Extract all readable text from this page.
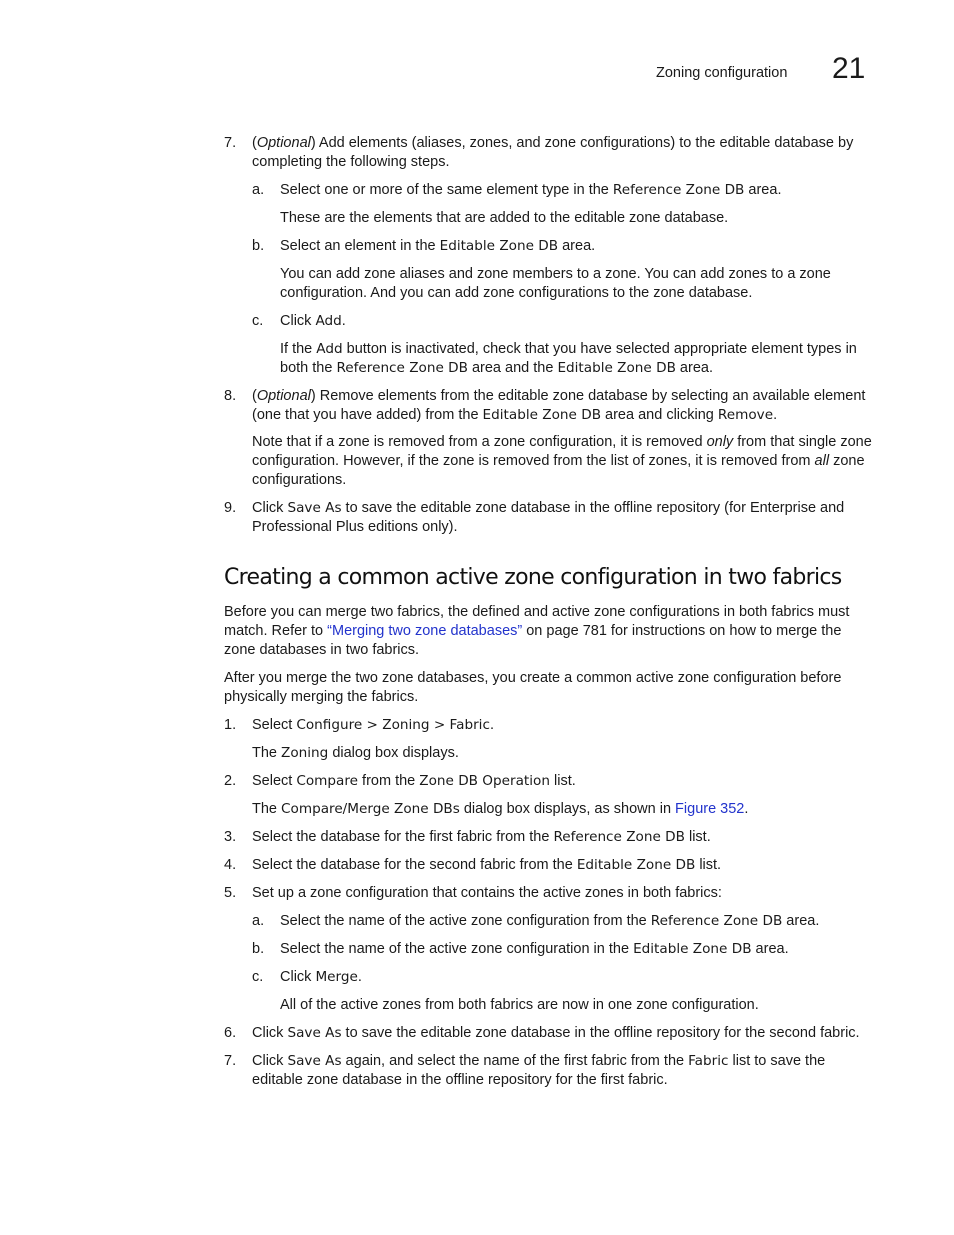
Zoning configuration 21
7. (Optional) Add elements (aliases, zones, and zone configurations) to the editable database by completing the following steps.

a. Select one or more of the same element type in the Reference Zone DB area.

These are the elements that are added to the editable zone database.

b. Select an element in the Editable Zone DB area.

You can add zone aliases and zone members to a zone. You can add zones to a zone configuration. And you can add zone configurations to the zone database.

c. Click Add.

If the Add button is inactivated, check that you have selected appropriate element types in both the Reference Zone DB area and the Editable Zone DB area.

8. (Optional) Remove elements from the editable zone database by selecting an available element (one that you have added) from the Editable Zone DB area and clicking Remove.

Note that if a zone is removed from a zone configuration, it is removed only from that single zone configuration. However, if the zone is removed from the list of zones, it is removed from all zone configurations.

9. Click Save As to save the editable zone database in the offline repository (for Enterprise and Professional Plus editions only).

Creating a common active zone configuration in two fabrics

Before you can merge two fabrics, the defined and active zone configurations in both fabrics must match. Refer to “Merging two zone databases” on page 781 for instructions on how to merge the zone databases in two fabrics.

After you merge the two zone databases, you create a common active zone configuration before physically merging the fabrics.

1. Select Configure > Zoning > Fabric.

The Zoning dialog box displays.

2. Select Compare from the Zone DB Operation list.

The Compare/Merge Zone DBs dialog box displays, as shown in Figure 352.

3. Select the database for the first fabric from the Reference Zone DB list.

4. Select the database for the second fabric from the Editable Zone DB list.

5. Set up a zone configuration that contains the active zones in both fabrics:

a. Select the name of the active zone configuration from the Reference Zone DB area.

b. Select the name of the active zone configuration in the Editable Zone DB area.

c. Click Merge.

All of the active zones from both fabrics are now in one zone configuration.

6. Click Save As to save the editable zone database in the offline repository for the second fabric.

7. Click Save As again, and select the name of the first fabric from the Fabric list to save the editable zone database in the offline repository for the first fabric.
